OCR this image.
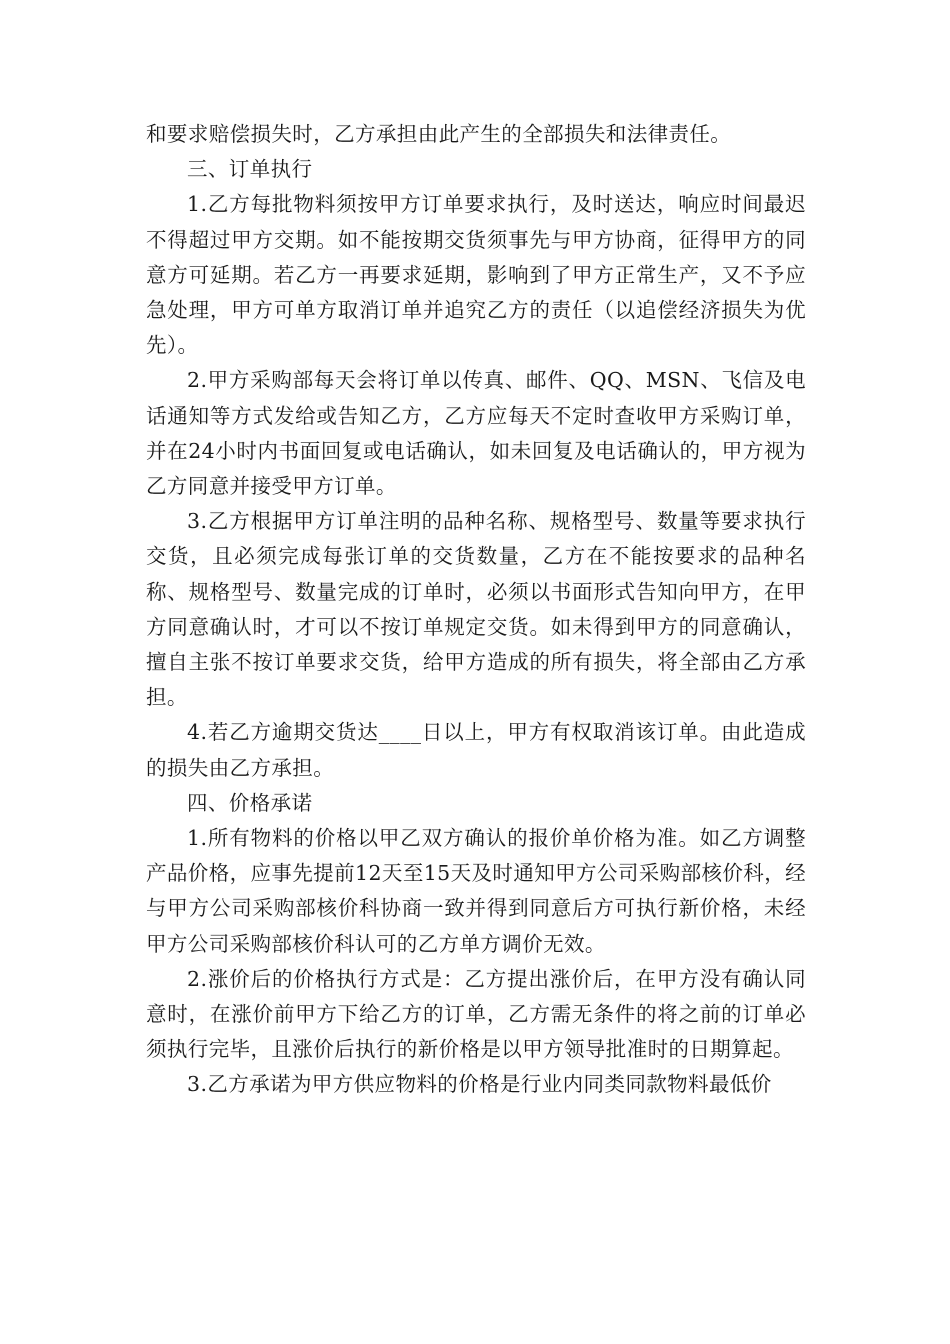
和要求赔偿损失时，乙方承担由此产生的全部损失和法律责任。

三、订单执行

1.乙方每批物料须按甲方订单要求执行，及时送达，响应时间最迟不得超过甲方交期。如不能按期交货须事先与甲方协商，征得甲方的同意方可延期。若乙方一再要求延期，影响到了甲方正常生产，又不予应急处理，甲方可单方取消订单并追究乙方的责任（以追偿经济损失为优先）。

2.甲方采购部每天会将订单以传真、邮件、QQ、MSN、飞信及电话通知等方式发给或告知乙方，乙方应每天不定时查收甲方采购订单，并在24小时内书面回复或电话确认，如未回复及电话确认的，甲方视为乙方同意并接受甲方订单。

3.乙方根据甲方订单注明的品种名称、规格型号、数量等要求执行交货，且必须完成每张订单的交货数量，乙方在不能按要求的品种名称、规格型号、数量完成的订单时，必须以书面形式告知向甲方，在甲方同意确认时，才可以不按订单规定交货。如未得到甲方的同意确认，擅自主张不按订单要求交货，给甲方造成的所有损失，将全部由乙方承担。

4.若乙方逾期交货达____日以上，甲方有权取消该订单。由此造成的损失由乙方承担。

四、价格承诺

1.所有物料的价格以甲乙双方确认的报价单价格为准。如乙方调整产品价格，应事先提前12天至15天及时通知甲方公司采购部核价科，经与甲方公司采购部核价科协商一致并得到同意后方可执行新价格，未经甲方公司采购部核价科认可的乙方单方调价无效。

2.涨价后的价格执行方式是：乙方提出涨价后，在甲方没有确认同意时，在涨价前甲方下给乙方的订单，乙方需无条件的将之前的订单必须执行完毕，且涨价后执行的新价格是以甲方领导批准时的日期算起。

3.乙方承诺为甲方供应物料的价格是行业内同类同款物料最低价
